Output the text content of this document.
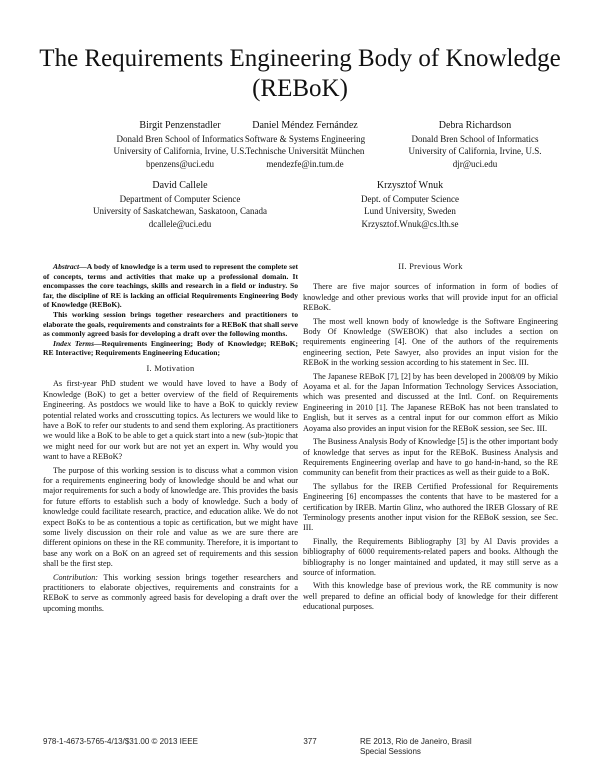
The Requirements Engineering Body of Knowledge (REBoK)
Birgit Penzenstadler
Donald Bren School of Informatics
University of California, Irvine, U.S.
bpenzens@uci.edu
Daniel Méndez Fernández
Software & Systems Engineering
Technische Universität München
mendezfe@in.tum.de
Debra Richardson
Donald Bren School of Informatics
University of California, Irvine, U.S.
djr@uci.edu
David Callele
Department of Computer Science
University of Saskatchewan, Saskatoon, Canada
dcallele@uci.edu
Krzysztof Wnuk
Dept. of Computer Science
Lund University, Sweden
Krzysztof.Wnuk@cs.lth.se

Abstract—A body of knowledge is a term used to represent the complete set of concepts, terms and activities that make up a professional domain. It encompasses the core teachings, skills and research in a field or industry. So far, the discipline of RE is lacking an official Requirements Engineering Body of Knowledge (REBoK).

This working session brings together researchers and practitioners to elaborate the goals, requirements and constraints for a REBoK that shall serve as commonly agreed basis for developing a draft over the following months.

Index Terms—Requirements Engineering; Body of Knowledge; REBoK; RE Interactive; Requirements Engineering Education;

I. Motivation

As first-year PhD student we would have loved to have a Body of Knowledge (BoK) to get a better overview of the field of Requirements Engineering. As postdocs we would like to have a BoK to quickly review potential related works and crosscutting topics. As lecturers we would like to have a BoK to refer our students to and send them exploring. As practitioners we would like a BoK to be able to get a quick start into a new (sub-)topic that we might need for our work but are not yet an expert in. Why would you want to have a REBoK?

The purpose of this working session is to discuss what a common vision for a requirements engineering body of knowledge should be and what our major requirements for such a body of knowledge are. This provides the basis for future efforts to establish such a body of knowledge. Such a body of knowledge could facilitate research, practice, and education alike. We do not expect BoKs to be as contentious a topic as certification, but we might have some lively discussion on their role and value as we are sure there are different opinions on these in the RE community. Therefore, it is important to base any work on a BoK on an agreed set of requirements and this session shall be the first step.

Contribution: This working session brings together researchers and practitioners to elaborate objectives, requirements and constraints for a REBoK to serve as commonly agreed basis for developing a draft over the upcoming months.

II. Previous Work

There are five major sources of information in form of bodies of knowledge and other previous works that will provide input for an official REBoK.

The most well known body of knowledge is the Software Engineering Body Of Knowledge (SWEBOK) that also includes a section on requirements engineering [4]. One of the authors of the requirements engineering section, Pete Sawyer, also provides an input vision for the REBoK in the working session according to his statement in Sec. III.

The Japanese REBoK [7], [2] by has been developed in 2008/09 by Mikio Aoyama et al. for the Japan Information Technology Services Association, which was presented and discussed at the Intl. Conf. on Requirements Engineering in 2010 [1]. The Japanese REBoK has not been translated to English, but it serves as a central input for our common effort as Mikio Aoyama also provides an input vision for the REBoK session, see Sec. III.

The Business Analysis Body of Knowledge [5] is the other important body of knowledge that serves as input for the REBoK. Business Analysis and Requirements Engineering overlap and have to go hand-in-hand, so the RE community can benefit from their practices as well as their guide to a BoK.

The syllabus for the IREB Certified Professional for Requirements Engineering [6] encompasses the contents that have to be mastered for a certification by IREB. Martin Glinz, who authored the IREB Glossary of RE Terminology presents another input vision for the REBoK session, see Sec. III.

Finally, the Requirements Bibliography [3] by Al Davis provides a bibliography of 6000 requirements-related papers and books. Although the bibliography is no longer maintained and updated, it may still serve as a source of information.

With this knowledge base of previous work, the RE community is now well prepared to define an official body of knowledge for their different educational purposes.

978-1-4673-5765-4/13/$31.00 © 2013 IEEE	377	RE 2013, Rio de Janeiro, Brasil
Special Sessions
